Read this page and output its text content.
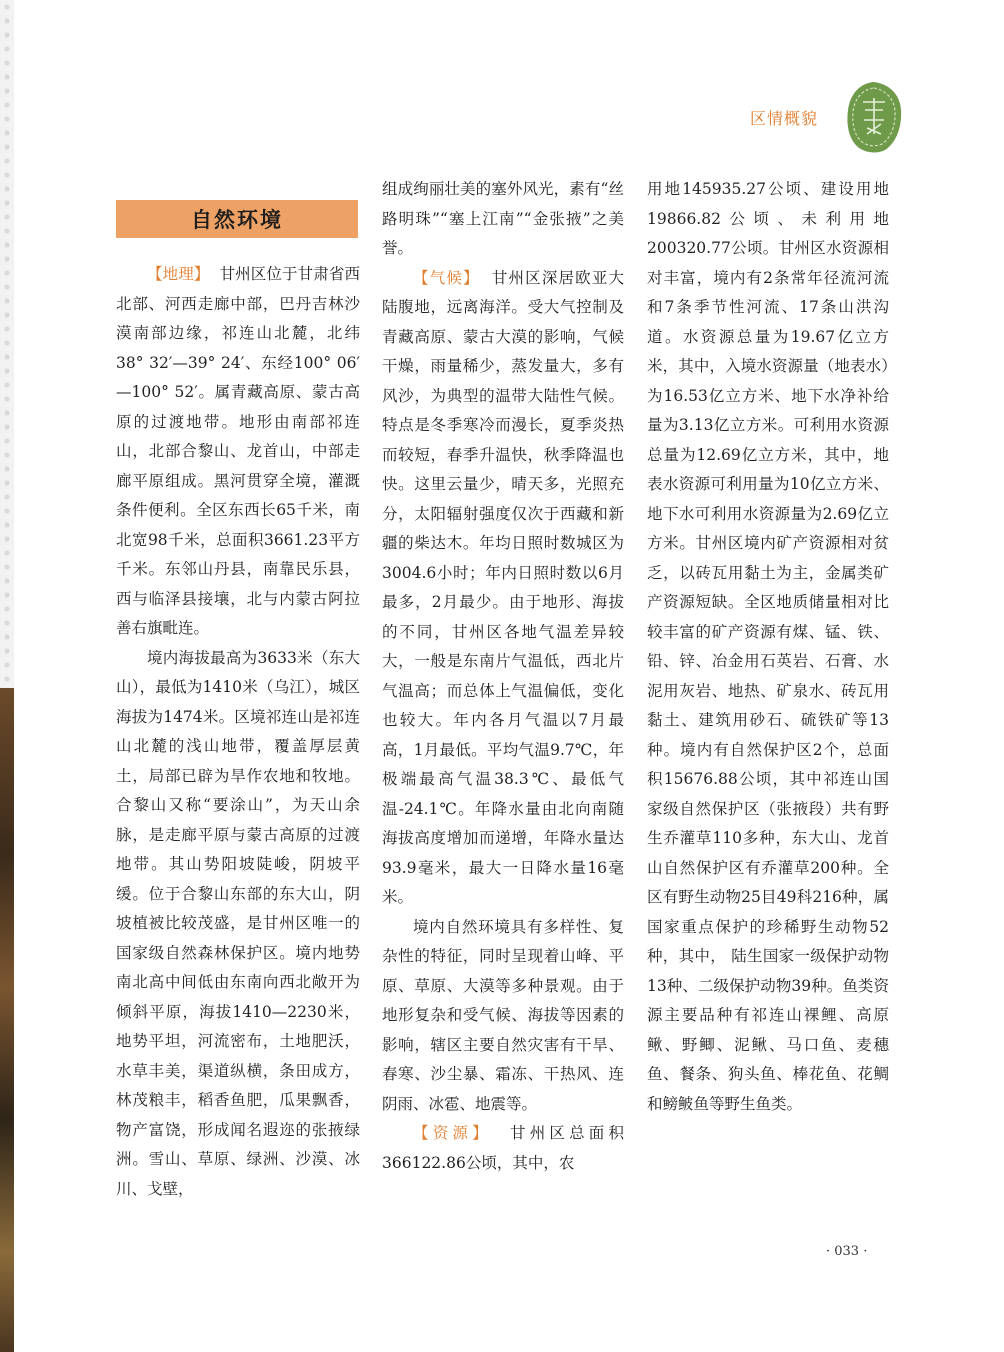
区情概貌
自然环境

【地理】 甘州区位于甘肃省西北部、河西走廊中部，巴丹吉林沙漠南部边缘，祁连山北麓，北纬38° 32′—39° 24′、东经100° 06′—100° 52′。属青藏高原、蒙古高原的过渡地带。地形由南部祁连山，北部合黎山、龙首山，中部走廊平原组成。黑河贯穿全境，灌溉条件便利。全区东西长65千米，南北宽98千米，总面积3661.23平方千米。东邻山丹县，南靠民乐县，西与临泽县接壤，北与内蒙古阿拉善右旗毗连。

境内海拔最高为3633米（东大山），最低为1410米（乌江），城区海拔为1474米。区境祁连山是祁连山北麓的浅山地带，覆盖厚层黄土，局部已辟为旱作农地和牧地。合黎山又称“要涂山”，为天山余脉，是走廊平原与蒙古高原的过渡地带。其山势阳坡陡峻，阴坡平缓。位于合黎山东部的东大山，阴坡植被比较茂盛，是甘州区唯一的国家级自然森林保护区。境内地势南北高中间低由东南向西北敞开为倾斜平原，海拔1410—2230米，地势平坦，河流密布，土地肥沃，水草丰美，渠道纵横，条田成方，林茂粮丰，稻香鱼肥，瓜果飘香，物产富饶，形成闻名遐迩的张掖绿洲。雪山、草原、绿洲、沙漠、冰川、戈壁，

组成绚丽壮美的塞外风光，素有“丝路明珠”“塞上江南”“金张掖”之美誉。

【气候】 甘州区深居欧亚大陆腹地，远离海洋。受大气控制及青藏高原、蒙古大漠的影响，气候干燥，雨量稀少，蒸发量大，多有风沙，为典型的温带大陆性气候。特点是冬季寒冷而漫长，夏季炎热而较短，春季升温快，秋季降温也快。这里云量少，晴天多，光照充分，太阳辐射强度仅次于西藏和新疆的柴达木。年均日照时数城区为3004.6小时；年内日照时数以6月最多，2月最少。由于地形、海拔的不同，甘州区各地气温差异较大，一般是东南片气温低，西北片气温高；而总体上气温偏低，变化也较大。年内各月气温以7月最高，1月最低。平均气温9.7℃，年极端最高气温38.3℃、最低气温-24.1℃。年降水量由北向南随海拔高度增加而递增，年降水量达93.9毫米，最大一日降水量16毫米。

境内自然环境具有多样性、复杂性的特征，同时呈现着山峰、平原、草原、大漠等多种景观。由于地形复杂和受气候、海拔等因素的影响，辖区主要自然灾害有干旱、春寒、沙尘暴、霜冻、干热风、连阴雨、冰雹、地震等。

【资源】 甘州区总面积366122.86公顷，其中，农

用地145935.27公顷、建设用地19866.82公顷、未利用地200320.77公顷。甘州区水资源相对丰富，境内有2条常年径流河流和7条季节性河流、17条山洪沟道。水资源总量为19.67亿立方米，其中，入境水资源量（地表水）为16.53亿立方米、地下水净补给量为3.13亿立方米。可利用水资源总量为12.69亿立方米，其中，地表水资源可利用量为10亿立方米、地下水可利用水资源量为2.69亿立方米。甘州区境内矿产资源相对贫乏，以砖瓦用黏土为主，金属类矿产资源短缺。全区地质储量相对比较丰富的矿产资源有煤、锰、铁、铅、锌、冶金用石英岩、石膏、水泥用灰岩、地热、矿泉水、砖瓦用黏土、建筑用砂石、硫铁矿等13种。境内有自然保护区2个，总面积15676.88公顷，其中祁连山国家级自然保护区（张掖段）共有野生乔灌草110多种，东大山、龙首山自然保护区有乔灌草200种。全区有野生动物25目49科216种，属国家重点保护的珍稀野生动物52种，其中， 陆生国家一级保护动物13种、二级保护动物39种。鱼类资源主要品种有祁连山裸鲤、高原鳅、野鲫、泥鳅、马口鱼、麦穗鱼、餐条、狗头鱼、棒花鱼、花鲷和鳑鲏鱼等野生鱼类。

· 033 ·
